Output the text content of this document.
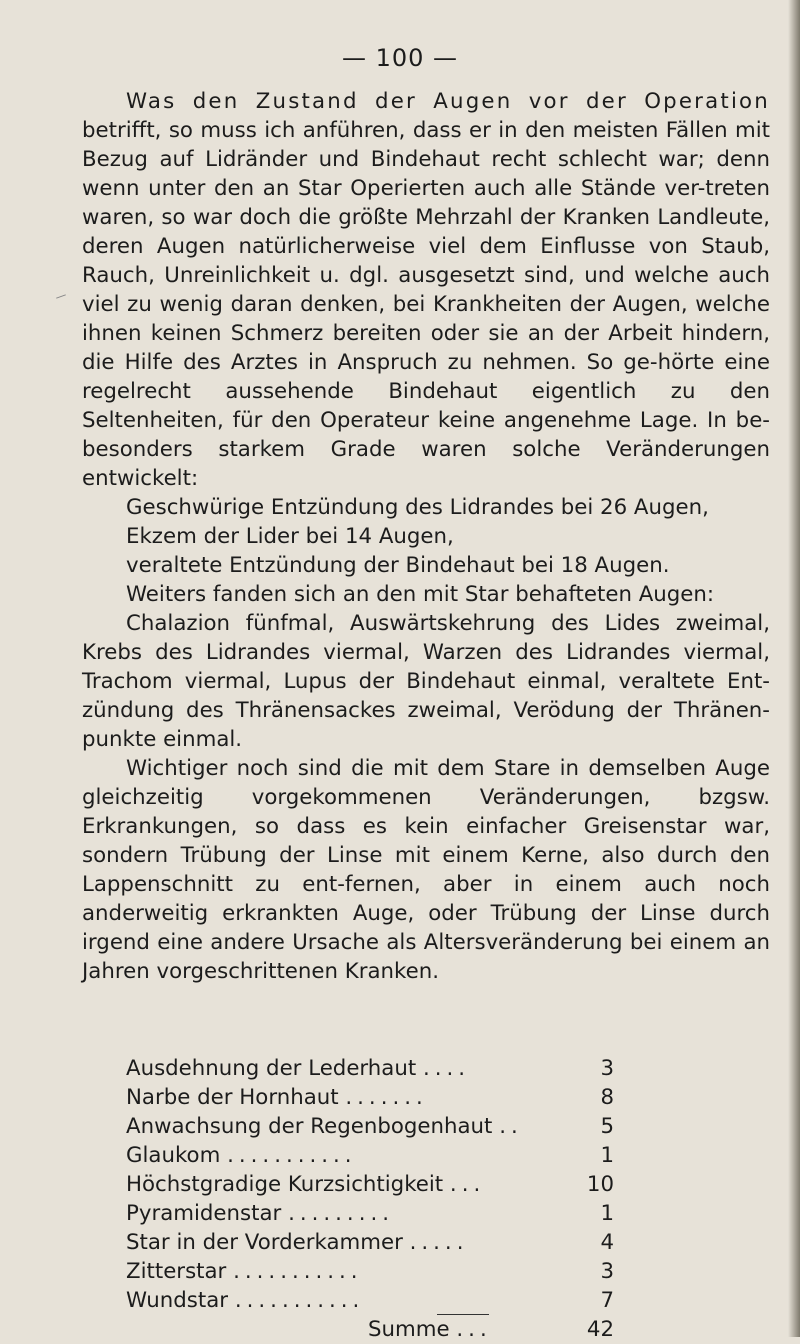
— 100 —

Was den Zustand der Augen vor der Operation betrifft, so muss ich anführen, dass er in den meisten Fällen mit Bezug auf Lidränder und Bindehaut recht schlecht war; denn wenn unter den an Star Operierten auch alle Stände ver-treten waren, so war doch die größte Mehrzahl der Kranken Landleute, deren Augen natürlicherweise viel dem Einflusse von Staub, Rauch, Unreinlichkeit u. dgl. ausgesetzt sind, und welche auch viel zu wenig daran denken, bei Krankheiten der Augen, welche ihnen keinen Schmerz bereiten oder sie an der Arbeit hindern, die Hilfe des Arztes in Anspruch zu nehmen. So ge-hörte eine regelrecht aussehende Bindehaut eigentlich zu den Seltenheiten, für den Operateur keine angenehme Lage. In be-besonders starkem Grade waren solche Veränderungen entwickelt:

Geschwürige Entzündung des Lidrandes bei 26 Augen,
Ekzem der Lider bei 14 Augen,
veraltete Entzündung der Bindehaut bei 18 Augen.
Weiters fanden sich an den mit Star behafteten Augen:

Chalazion fünfmal, Auswärtskehrung des Lides zweimal, Krebs des Lidrandes viermal, Warzen des Lidrandes viermal, Trachom viermal, Lupus der Bindehaut einmal, veraltete Ent-zündung des Thränensackes zweimal, Verödung der Thränen-punkte einmal.

Wichtiger noch sind die mit dem Stare in demselben Auge gleichzeitig vorgekommenen Veränderungen, bzgsw. Erkrankungen, so dass es kein einfacher Greisenstar war, sondern Trübung der Linse mit einem Kerne, also durch den Lappenschnitt zu ent-fernen, aber in einem auch noch anderweitig erkrankten Auge, oder Trübung der Linse durch irgend eine andere Ursache als Altersveränderung bei einem an Jahren vorgeschrittenen Kranken.

Ausdehnung der Lederhaut ....	3
Narbe der Hornhaut .......	8
Anwachsung der Regenbogenhaut ..	5
Glaukom ...........	1
Höchstgradige Kurzsichtigkeit ...	10
Pyramidenstar .........	1
Star in der Vorderkammer .....	4
Zitterstar ...........	3
Wundstar ...........	7
Summe ...	42
